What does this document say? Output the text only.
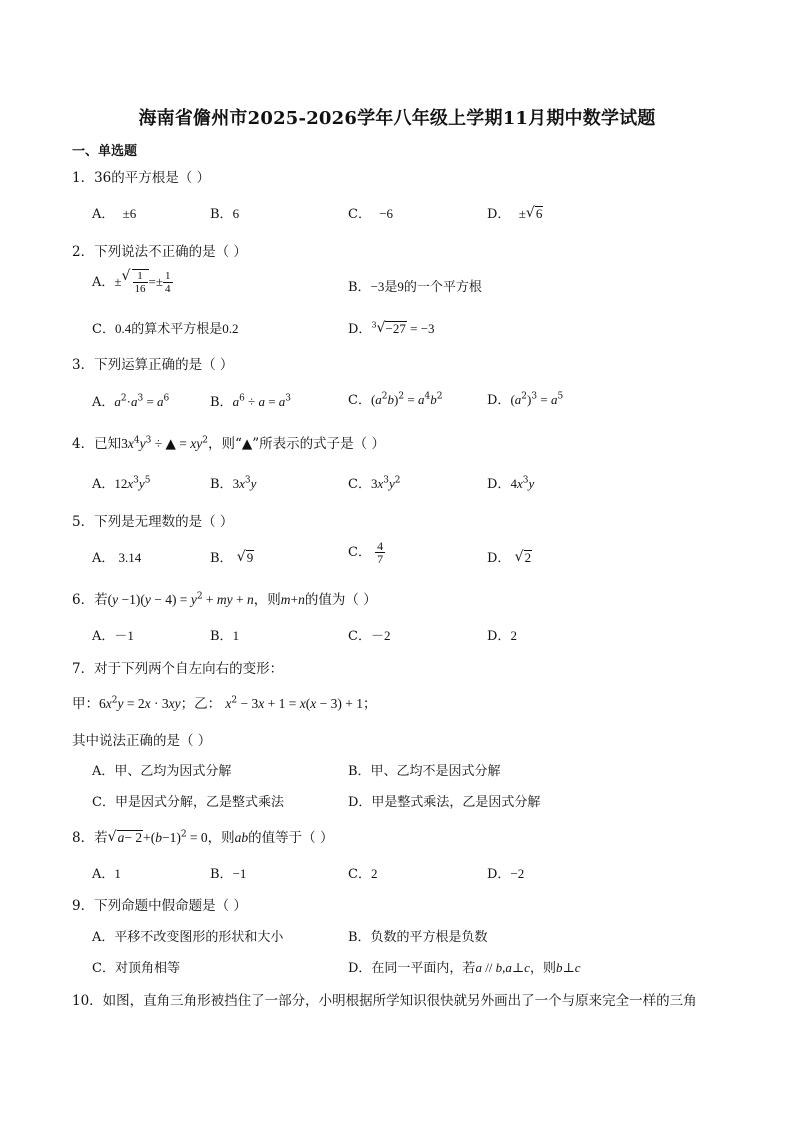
海南省儋州市2025-2026学年八年级上学期11月期中数学试题
一、单选题
1．36的平方根是（ ）
A．  ±6	B．6	C．  −6	D．  ± √ 6
2．下列说法不正确的是（ ）
A．± √ $\frac{1}{16} =\pm \frac{1}{4}$	B．−3是9的一个平方根
C．0.4的算术平方根是0.2	D．$^3$ √ −27 = −3
3．下列运算正确的是（ ）
A．$a^2\cdot a^3 = a^6$	B．$a^6 \div a = a^3$	C．$(a^2b)^2 = a^4b^2$	D．$(a^2)^3 = a^5$
4．已知$3x^4y^3$ ÷ ▲ = $xy^2$，则“▲”所表示的式子是（ ）
A．$12x^3y^5$	B．$3x^3y$	C．$3x^3y^2$	D．$4x^3y$
5．下列是无理数的是（ ）
A． 3.14	B． √ 9	C． $\frac{4}{7}$	D． √ 2
6．若$(y -1)(y - 4) = y^2$ + my + n，则m+n的值为（ ）
A．－1	B．1	C．－2	D．2
7．对于下列两个自左向右的变形：
甲：$6x^2y = 2x \cdot 3xy$；乙： $x^2 - 3x + 1 = x(x - 3) + 1$；
其中说法正确的是（ ）
A．甲、乙均为因式分解	B．甲、乙均不是因式分解
C．甲是因式分解，乙是整式乘法	D．甲是整式乘法，乙是因式分解
8．若 √ $a- 2+(b-1)^2 = 0$，则ab的值等于（ ）
A．1	B．−1	C．2	D．−2
9．下列命题中假命题是（ ）
A．平移不改变图形的形状和大小	B．负数的平方根是负数
C．对顶角相等	D．在同一平面内，若a // b,a⊥c，则b⊥c
10．如图，直角三角形被挡住了一部分，小明根据所学知识很快就另外画出了一个与原来完全一样的三角
